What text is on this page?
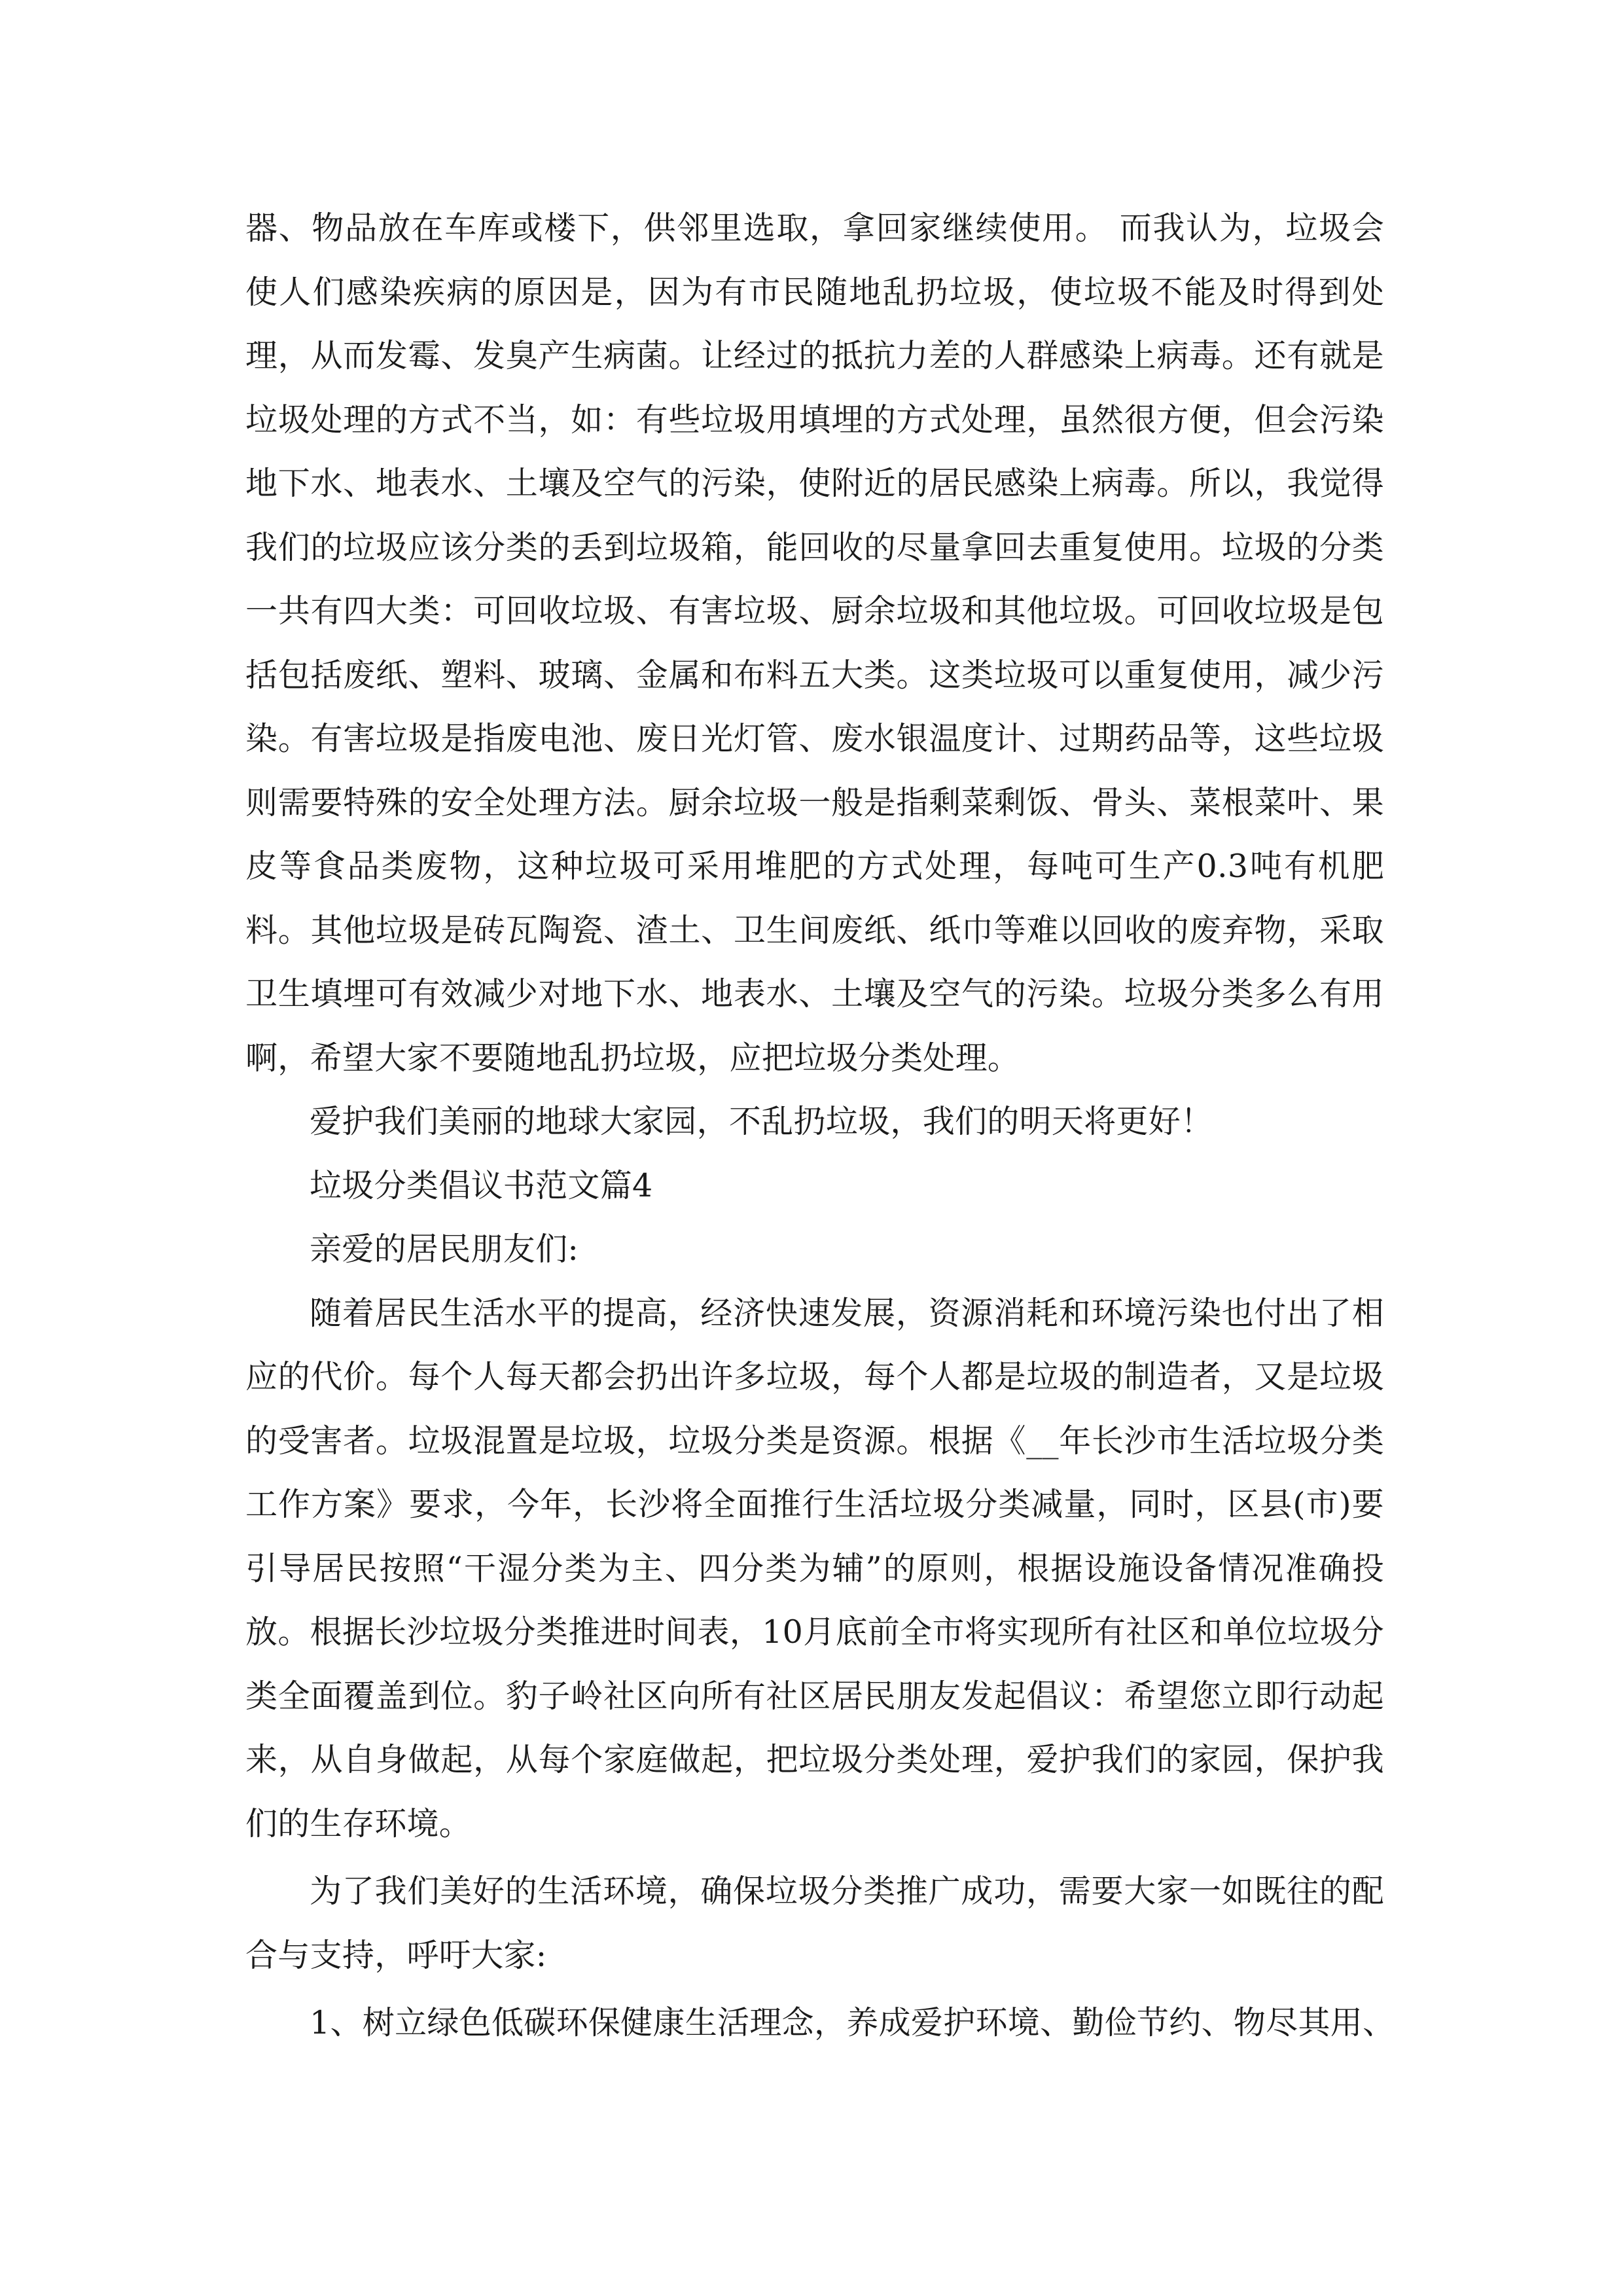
器、物品放在车库或楼下，供邻里选取，拿回家继续使用。 而我认为，垃圾会使人们感染疾病的原因是，因为有市民随地乱扔垃圾，使垃圾不能及时得到处理，从而发霉、发臭产生病菌。让经过的抵抗力差的人群感染上病毒。还有就是垃圾处理的方式不当，如：有些垃圾用填埋的方式处理，虽然很方便，但会污染地下水、地表水、土壤及空气的污染，使附近的居民感染上病毒。所以，我觉得我们的垃圾应该分类的丢到垃圾箱，能回收的尽量拿回去重复使用。垃圾的分类一共有四大类：可回收垃圾、有害垃圾、厨余垃圾和其他垃圾。可回收垃圾是包括包括废纸、塑料、玻璃、金属和布料五大类。这类垃圾可以重复使用，减少污染。有害垃圾是指废电池、废日光灯管、废水银温度计、过期药品等，这些垃圾则需要特殊的安全处理方法。厨余垃圾一般是指剩菜剩饭、骨头、菜根菜叶、果皮等食品类废物，这种垃圾可采用堆肥的方式处理，每吨可生产0.3吨有机肥料。其他垃圾是砖瓦陶瓷、渣土、卫生间废纸、纸巾等难以回收的废弃物，采取卫生填埋可有效减少对地下水、地表水、土壤及空气的污染。垃圾分类多么有用啊，希望大家不要随地乱扔垃圾，应把垃圾分类处理。

爱护我们美丽的地球大家园，不乱扔垃圾，我们的明天将更好！

垃圾分类倡议书范文篇4

亲爱的居民朋友们:

随着居民生活水平的提高，经济快速发展，资源消耗和环境污染也付出了相应的代价。每个人每天都会扔出许多垃圾，每个人都是垃圾的制造者，又是垃圾的受害者。垃圾混置是垃圾，垃圾分类是资源。根据《__年长沙市生活垃圾分类工作方案》要求，今年，长沙将全面推行生活垃圾分类减量，同时，区县(市)要引导居民按照“干湿分类为主、四分类为辅”的原则，根据设施设备情况准确投放。根据长沙垃圾分类推进时间表，10月底前全市将实现所有社区和单位垃圾分类全面覆盖到位。豹子岭社区向所有社区居民朋友发起倡议：希望您立即行动起来，从自身做起，从每个家庭做起，把垃圾分类处理，爱护我们的家园，保护我们的生存环境。

为了我们美好的生活环境，确保垃圾分类推广成功，需要大家一如既往的配合与支持，呼吁大家:

1、树立绿色低碳环保健康生活理念，养成爱护环境、勤俭节约、物尽其用、
